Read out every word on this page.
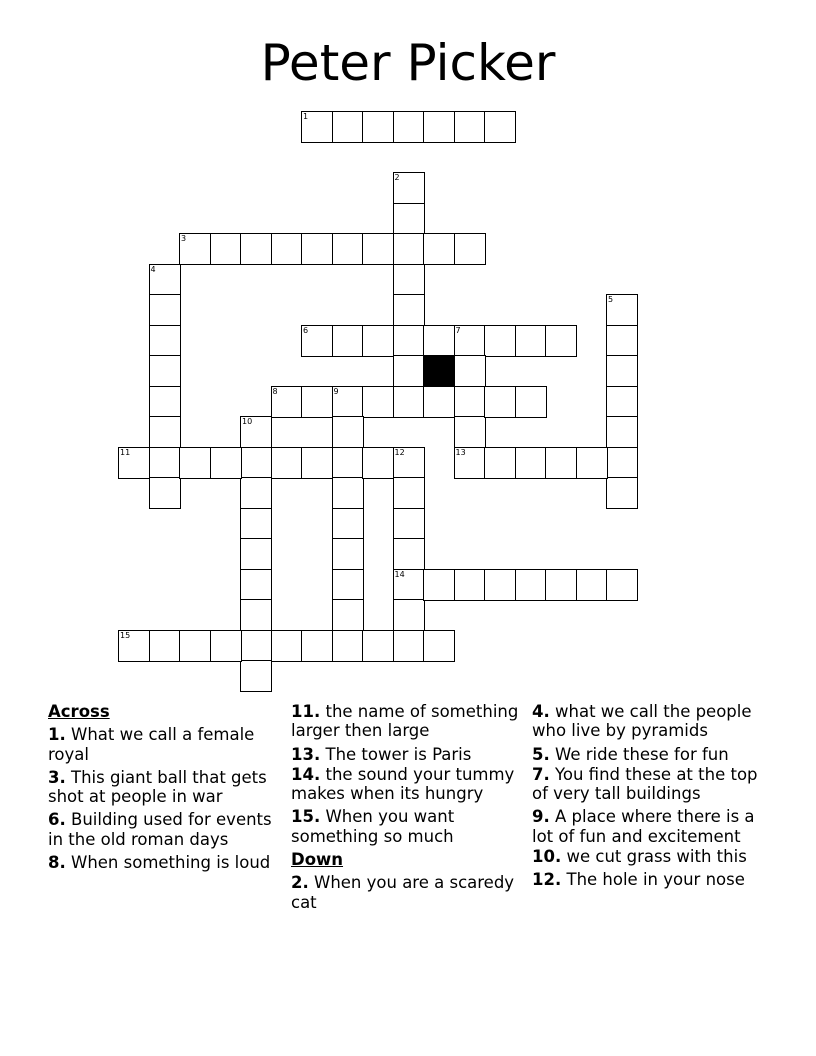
Peter Picker
1
2
3
4
5
6	7
13
8	9
10
11	12
14
15
Across
1. What we call a female royal
3. This giant ball that gets shot at people in war
6. Building used for events in the old roman days
8. When something is loud
11. the name of something larger then large
13. The tower is Paris
14. the sound your tummy makes when its hungry
15. When you want something so much
Down
2. When you are a scaredy cat
4. what we call the people who live by pyramids
5. We ride these for fun
7. You find these at the top of very tall buildings
9. A place where there is a lot of fun and excitement
10. we cut grass with this
12. The hole in your nose
